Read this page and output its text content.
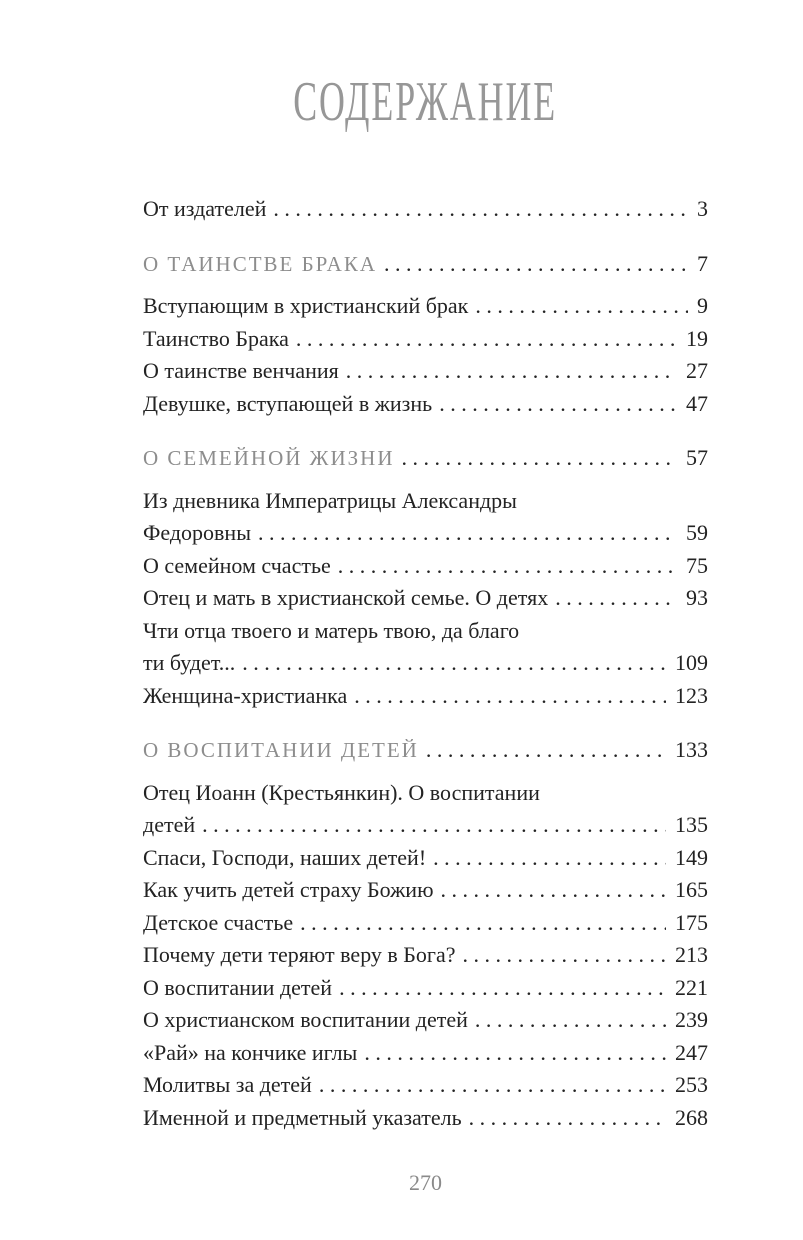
СОДЕРЖАНИЕ
От издателей . . .	3
О ТАИНСТВЕ БРАКА . . .	7
Вступающим в христианский брак . . .	9
Таинство Брака . . .	19
О таинстве венчания . . .	27
Девушке, вступающей в жизнь . . .	47
О СЕМЕЙНОЙ ЖИЗНИ . . .	57
Из дневника Императрицы Александры
Федоровны . . .	59
О семейном счастье . . .	75
Отец и мать в христианской семье. О детях . . .	93
Чти отца твоего и матерь твою, да благо
ти будет... . . .	109
Женщина-христианка . . .	123
О ВОСПИТАНИИ ДЕТЕЙ . . .	133
Отец Иоанн (Крестьянкин). О воспитании
детей . . .	135
Спаси, Господи, наших детей! . . .	149
Как учить детей страху Божию . . .	165
Детское счастье . . .	175
Почему дети теряют веру в Бога? . . .	213
О воспитании детей . . .	221
О христианском воспитании детей . . .	239
«Рай» на кончике иглы . . .	247
Молитвы за детей . . .	253
Именной и предметный указатель . . .	268
270
